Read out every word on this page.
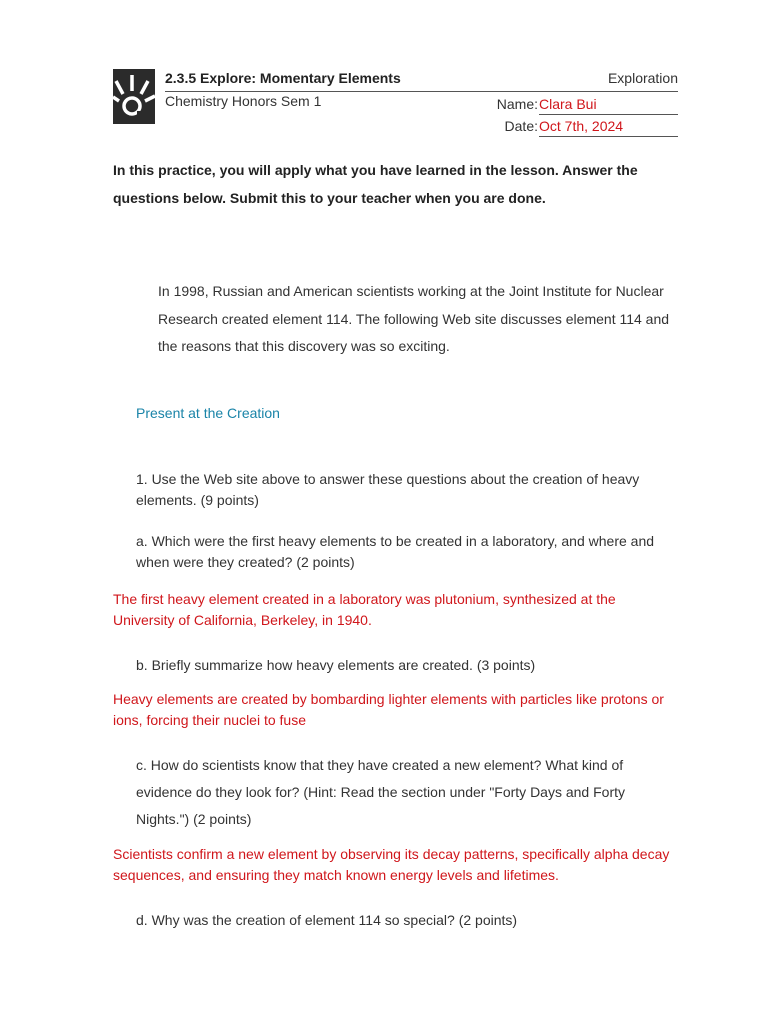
2.3.5 Explore: Momentary Elements	Exploration
Chemistry Honors Sem 1	Name: Clara Bui
Date: Oct 7th, 2024
In this practice, you will apply what you have learned in the lesson. Answer the questions below. Submit this to your teacher when you are done.
In 1998, Russian and American scientists working at the Joint Institute for Nuclear Research created element 114. The following Web site discusses element 114 and the reasons that this discovery was so exciting.
Present at the Creation
1. Use the Web site above to answer these questions about the creation of heavy elements. (9 points)
a. Which were the first heavy elements to be created in a laboratory, and where and when were they created? (2 points)
The first heavy element created in a laboratory was plutonium, synthesized at the University of California, Berkeley, in 1940.
b. Briefly summarize how heavy elements are created. (3 points)
Heavy elements are created by bombarding lighter elements with particles like protons or ions, forcing their nuclei to fuse
c. How do scientists know that they have created a new element? What kind of evidence do they look for? (Hint: Read the section under "Forty Days and Forty Nights.") (2 points)
Scientists confirm a new element by observing its decay patterns, specifically alpha decay sequences, and ensuring they match known energy levels and lifetimes.
d. Why was the creation of element 114 so special? (2 points)
